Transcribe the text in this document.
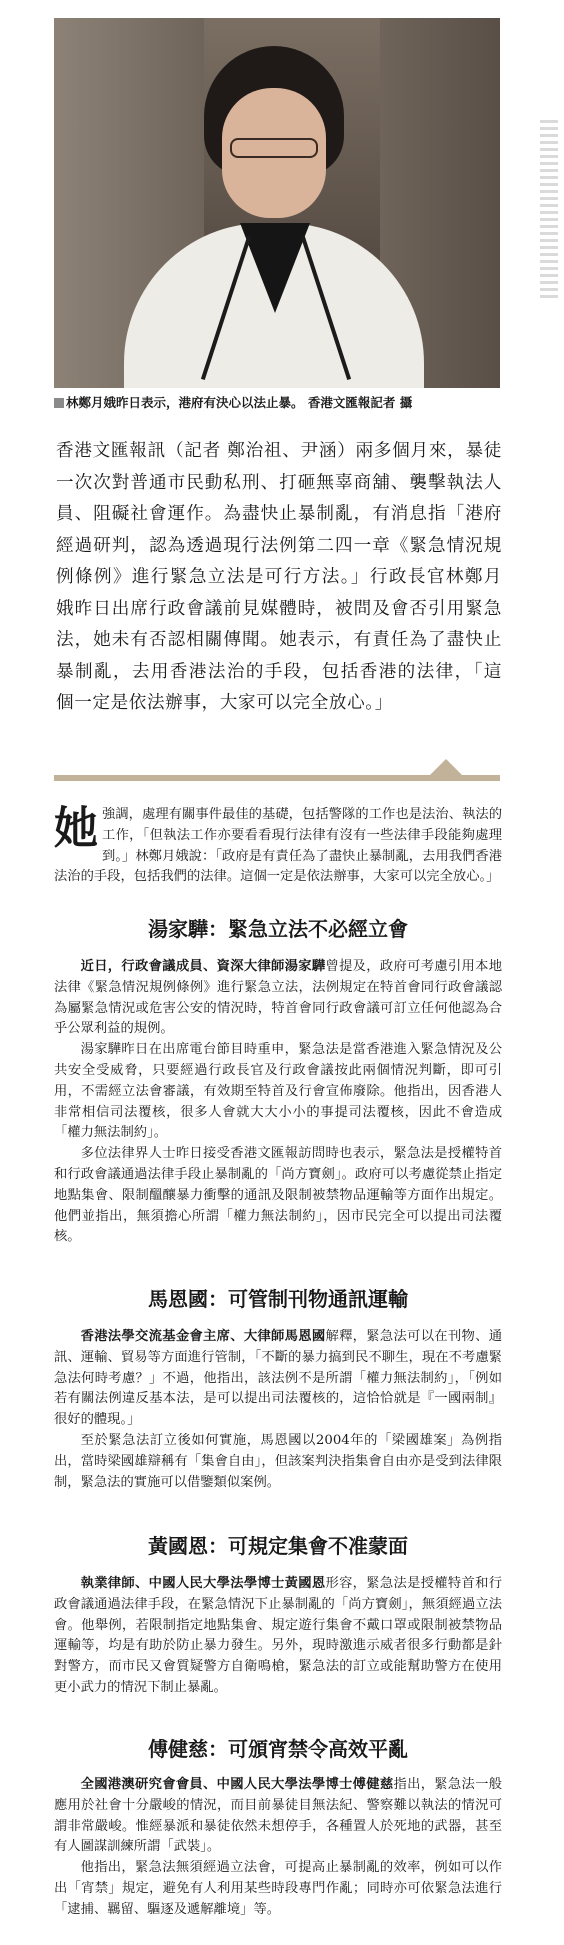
林鄭月娥昨日表示，港府有決心以法止暴。 香港文匯報記者 攝
香港文匯報訊（記者 鄭治祖、尹涵）兩多個月來，暴徒一次次對普通市民動私刑、打砸無辜商舖、襲擊執法人員、阻礙社會運作。為盡快止暴制亂，有消息指「港府經過研判，認為透過現行法例第二四一章《緊急情況規例條例》進行緊急立法是可行方法。」行政長官林鄭月娥昨日出席行政會議前見媒體時，被問及會否引用緊急法，她未有否認相關傳聞。她表示，有責任為了盡快止暴制亂，去用香港法治的手段，包括香港的法律，「這個一定是依法辦事，大家可以完全放心。」

她強調，處理有關事件最佳的基礎，包括警隊的工作也是法治、執法的工作，「但執法工作亦要看看現行法律有沒有一些法律手段能夠處理到。」林鄭月娥說：「政府是有責任為了盡快止暴制亂，去用我們香港法治的手段，包括我們的法律。這個一定是依法辦事，大家可以完全放心。」

湯家驊：緊急立法不必經立會

近日，行政會議成員、資深大律師湯家驊曾提及，政府可考慮引用本地法律《緊急情況規例條例》進行緊急立法，法例規定在特首會同行政會議認為屬緊急情況或危害公安的情況時，特首會同行政會議可訂立任何他認為合乎公眾利益的規例。

湯家驊昨日在出席電台節目時重申，緊急法是當香港進入緊急情況及公共安全受威脅，只要經過行政長官及行政會議按此兩個情況判斷，即可引用，不需經立法會審議，有效期至特首及行會宣佈廢除。他指出，因香港人非常相信司法覆核，很多人會就大大小小的事提司法覆核，因此不會造成「權力無法制約」。

多位法律界人士昨日接受香港文匯報訪問時也表示，緊急法是授權特首和行政會議通過法律手段止暴制亂的「尚方寶劍」。政府可以考慮從禁止指定地點集會、限制醞釀暴力衝擊的通訊及限制被禁物品運輸等方面作出規定。他們並指出，無須擔心所謂「權力無法制約」，因市民完全可以提出司法覆核。

馬恩國：可管制刊物通訊運輸

香港法學交流基金會主席、大律師馬恩國解釋，緊急法可以在刊物、通訊、運輸、貿易等方面進行管制，「不斷的暴力搞到民不聊生，現在不考慮緊急法何時考慮？」不過，他指出，該法例不是所謂「權力無法制約」，「例如若有關法例違反基本法，是可以提出司法覆核的，這恰恰就是『一國兩制』很好的體現。」

至於緊急法訂立後如何實施，馬恩國以2004年的「梁國雄案」為例指出，當時梁國雄辯稱有「集會自由」，但該案判決指集會自由亦是受到法律限制，緊急法的實施可以借鑒類似案例。

黃國恩：可規定集會不准蒙面

執業律師、中國人民大學法學博士黃國恩形容，緊急法是授權特首和行政會議通過法律手段，在緊急情況下止暴制亂的「尚方寶劍」，無須經過立法會。他舉例，若限制指定地點集會、規定遊行集會不戴口罩或限制被禁物品運輸等，均是有助於防止暴力發生。另外，現時激進示威者很多行動都是針對警方，而市民又會質疑警方自衛鳴槍，緊急法的訂立或能幫助警方在使用更小武力的情況下制止暴亂。

傅健慈：可頒宵禁令高效平亂

全國港澳研究會會員、中國人民大學法學博士傅健慈指出，緊急法一般應用於社會十分嚴峻的情況，而目前暴徒目無法紀、警察難以執法的情況可謂非常嚴峻。惟經暴派和暴徒依然未想停手，各種置人於死地的武器，甚至有人圖謀訓練所謂「武裝」。

他指出，緊急法無須經過立法會，可提高止暴制亂的效率，例如可以作出「宵禁」規定，避免有人利用某些時段專門作亂；同時亦可依緊急法進行「逮捕、羈留、驅逐及遞解離境」等。
